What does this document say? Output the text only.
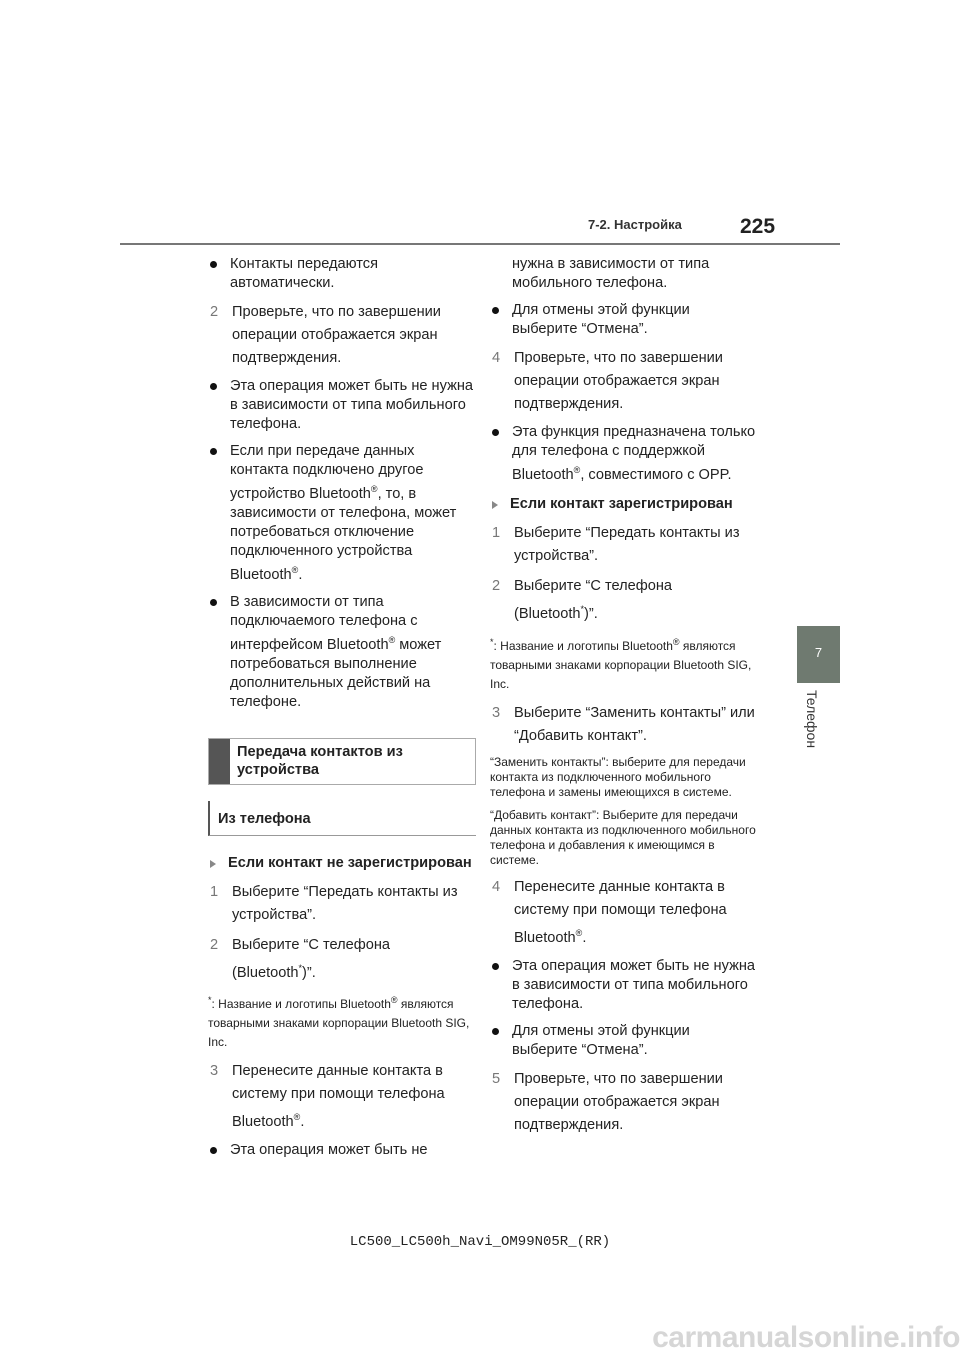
7-2. Настройка	225
7
Телефон

Контакты передаются автоматически.

2 Проверьте, что по завершении операции отображается экран подтверждения.

Эта операция может быть не нужна в зависимости от типа мобильного телефона.

Если при передаче данных контакта подключено другое устройство Bluetooth®, то, в зависимости от телефона, может потребоваться отключение подключенного устройства Bluetooth®.

В зависимости от типа подключаемого телефона с интерфейсом Bluetooth® может потребоваться выполнение дополнительных действий на телефоне.

Передача контактов из устройства
Из телефона

Если контакт не зарегистрирован

1 Выберите “Передать контакты из устройства”.

2 Выберите “С телефона (Bluetooth*)”.

*: Название и логотипы Bluetooth® являются товарными знаками корпорации Bluetooth SIG, Inc.

3 Перенесите данные контакта в систему при помощи телефона Bluetooth®.

Эта операция может быть не

нужна в зависимости от типа мобильного телефона.

Для отмены этой функции выберите “Отмена”.

4 Проверьте, что по завершении операции отображается экран подтверждения.

Эта функция предназначена только для телефона с поддержкой Bluetooth®, совместимого с OPP.

Если контакт зарегистрирован

1 Выберите “Передать контакты из устройства”.

2 Выберите “С телефона (Bluetooth*)”.

*: Название и логотипы Bluetooth® являются товарными знаками корпорации Bluetooth SIG, Inc.

3 Выберите “Заменить контакты” или “Добавить контакт”.

“Заменить контакты”: выберите для передачи контакта из подключенного мобильного телефона и замены имеющихся в системе.

“Добавить контакт”: Выберите для передачи данных контакта из подключенного мобильного телефона и добавления к имеющимся в системе.

4 Перенесите данные контакта в систему при помощи телефона Bluetooth®.

Эта операция может быть не нужна в зависимости от типа мобильного телефона.

Для отмены этой функции выберите “Отмена”.

5 Проверьте, что по завершении операции отображается экран подтверждения.

LC500_LC500h_Navi_OM99N05R_(RR)
carmanualsonline.info
